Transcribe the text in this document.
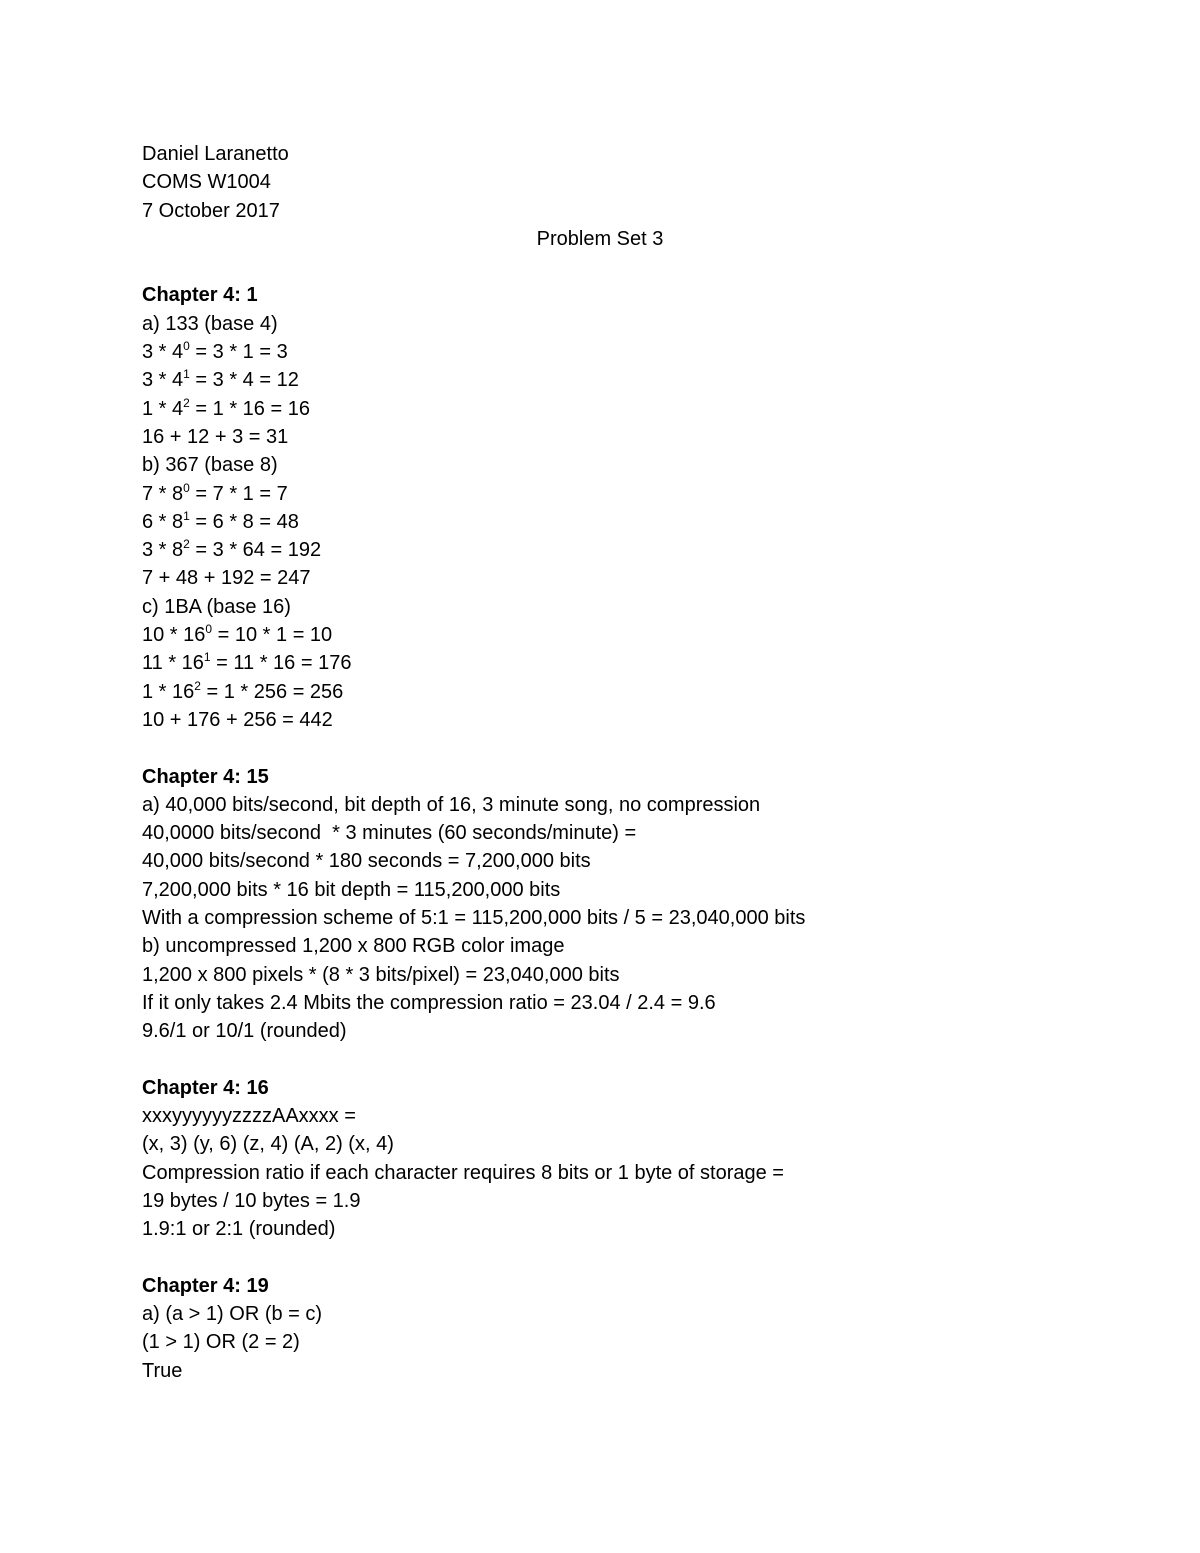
Daniel Laranetto
COMS W1004
7 October 2017
Problem Set 3
Chapter 4: 1
a) 133 (base 4)
$3 * 4^0 = 3 * 1 = 3$
$3 * 4^1 = 3 * 4 = 12$
$1 * 4^2 = 1 * 16 = 16$
16 + 12 + 3 = 31
b) 367 (base 8)
$7 * 8^0 = 7 * 1 = 7$
$6 * 8^1 = 6 * 8 = 48$
$3 * 8^2 = 3 * 64 = 192$
7 + 48 + 192 = 247
c) 1BA (base 16)
$10 * 16^0 = 10 * 1 = 10$
$11 * 16^1 = 11 * 16 = 176$
$1 * 16^2 = 1 * 256 = 256$
10 + 176 + 256 = 442
Chapter 4: 15
a) 40,000 bits/second, bit depth of 16, 3 minute song, no compression
40,0000 bits/second  * 3 minutes (60 seconds/minute) =
40,000 bits/second * 180 seconds = 7,200,000 bits
7,200,000 bits * 16 bit depth = 115,200,000 bits
With a compression scheme of 5:1 = 115,200,000 bits / 5 = 23,040,000 bits
b) uncompressed 1,200 x 800 RGB color image
1,200 x 800 pixels * (8 * 3 bits/pixel) = 23,040,000 bits
If it only takes 2.4 Mbits the compression ratio = 23.04 / 2.4 = 9.6
9.6/1 or 10/1 (rounded)
Chapter 4: 16
xxxyyyyyyzzzzAAxxxx =
(x, 3) (y, 6) (z, 4) (A, 2) (x, 4)
Compression ratio if each character requires 8 bits or 1 byte of storage =
19 bytes / 10 bytes = 1.9
1.9:1 or 2:1 (rounded)
Chapter 4: 19
a) (a > 1) OR (b = c)
(1 > 1) OR (2 = 2)
True
